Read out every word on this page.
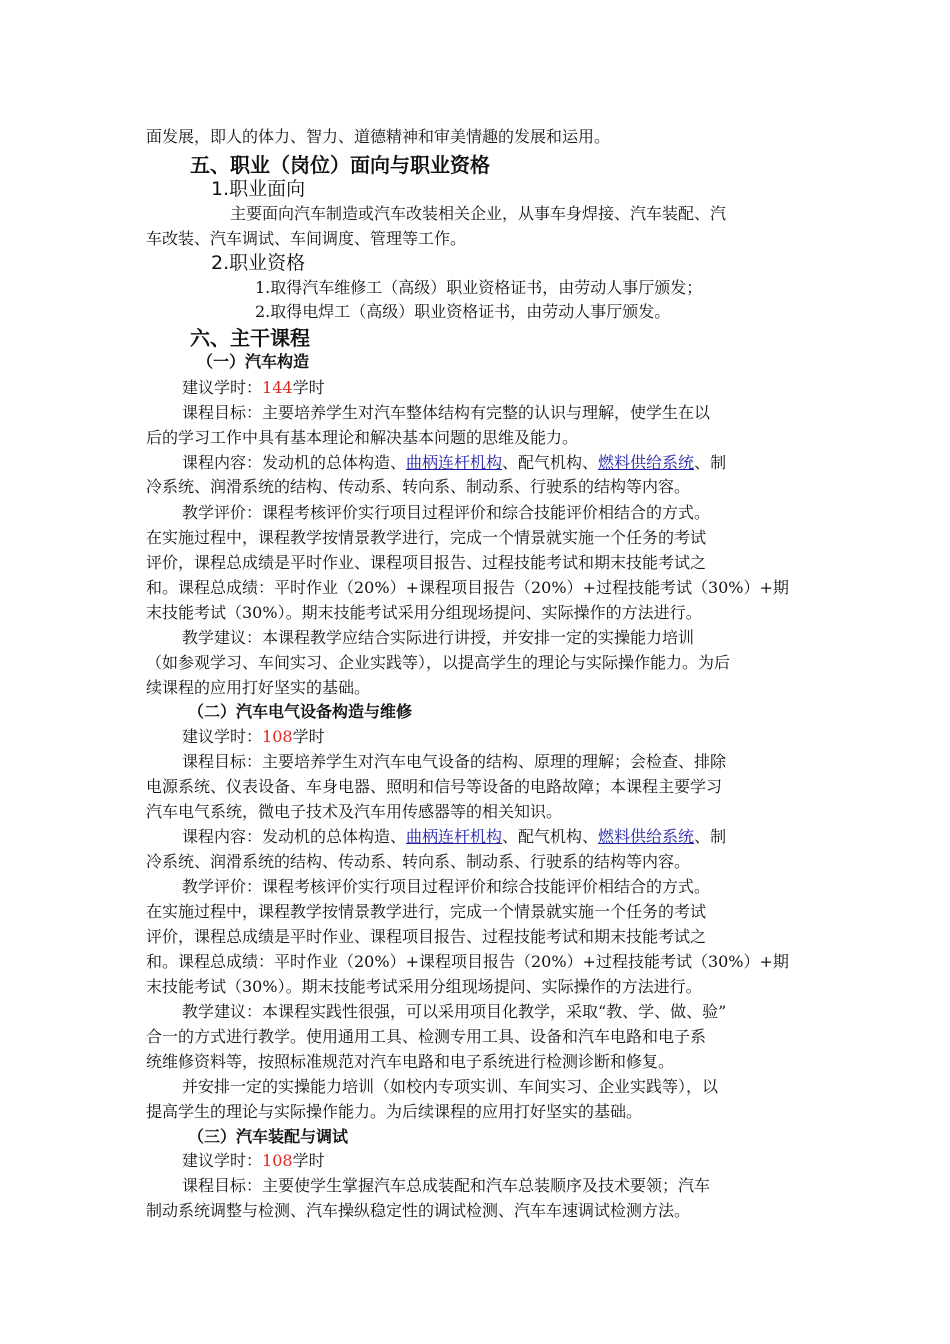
面发展，即人的体力、智力、道德精神和审美情趣的发展和运用。
五、职业（岗位）面向与职业资格
1.职业面向
主要面向汽车制造或汽车改装相关企业，从事车身焊接、汽车装配、汽
车改装、汽车调试、车间调度、管理等工作。
2.职业资格
1.取得汽车维修工（高级）职业资格证书，由劳动人事厅颁发；
2.取得电焊工（高级）职业资格证书，由劳动人事厅颁发。
六、主干课程
（一）汽车构造
建议学时：144学时
课程目标：主要培养学生对汽车整体结构有完整的认识与理解，使学生在以
后的学习工作中具有基本理论和解决基本问题的思维及能力。
课程内容：发动机的总体构造、曲柄连杆机构、配气机构、燃料供给系统、制
冷系统、润滑系统的结构、传动系、转向系、制动系、行驶系的结构等内容。
教学评价：课程考核评价实行项目过程评价和综合技能评价相结合的方式。
在实施过程中，课程教学按情景教学进行，完成一个情景就实施一个任务的考试
评价，课程总成绩是平时作业、课程项目报告、过程技能考试和期末技能考试之
和。课程总成绩：平时作业（20%）+课程项目报告（20%）+过程技能考试（30%）+期
末技能考试（30%）。期末技能考试采用分组现场提问、实际操作的方法进行。
教学建议：本课程教学应结合实际进行讲授，并安排一定的实操能力培训
（如参观学习、车间实习、企业实践等），以提高学生的理论与实际操作能力。为后
续课程的应用打好坚实的基础。
（二）汽车电气设备构造与维修
建议学时：108学时
课程目标：主要培养学生对汽车电气设备的结构、原理的理解；会检查、排除
电源系统、仪表设备、车身电器、照明和信号等设备的电路故障；本课程主要学习
汽车电气系统，微电子技术及汽车用传感器等的相关知识。
课程内容：发动机的总体构造、曲柄连杆机构、配气机构、燃料供给系统、制
冷系统、润滑系统的结构、传动系、转向系、制动系、行驶系的结构等内容。
教学评价：课程考核评价实行项目过程评价和综合技能评价相结合的方式。
在实施过程中，课程教学按情景教学进行，完成一个情景就实施一个任务的考试
评价，课程总成绩是平时作业、课程项目报告、过程技能考试和期末技能考试之
和。课程总成绩：平时作业（20%）+课程项目报告（20%）+过程技能考试（30%）+期
末技能考试（30%）。期末技能考试采用分组现场提问、实际操作的方法进行。
教学建议：本课程实践性很强，可以采用项目化教学，采取“教、学、做、验”
合一的方式进行教学。使用通用工具、检测专用工具、设备和汽车电路和电子系
统维修资料等，按照标准规范对汽车电路和电子系统进行检测诊断和修复。
并安排一定的实操能力培训（如校内专项实训、车间实习、企业实践等），以
提高学生的理论与实际操作能力。为后续课程的应用打好坚实的基础。
（三）汽车装配与调试
建议学时：108学时
课程目标：主要使学生掌握汽车总成装配和汽车总装顺序及技术要领；汽车
制动系统调整与检测、汽车操纵稳定性的调试检测、汽车车速调试检测方法。
